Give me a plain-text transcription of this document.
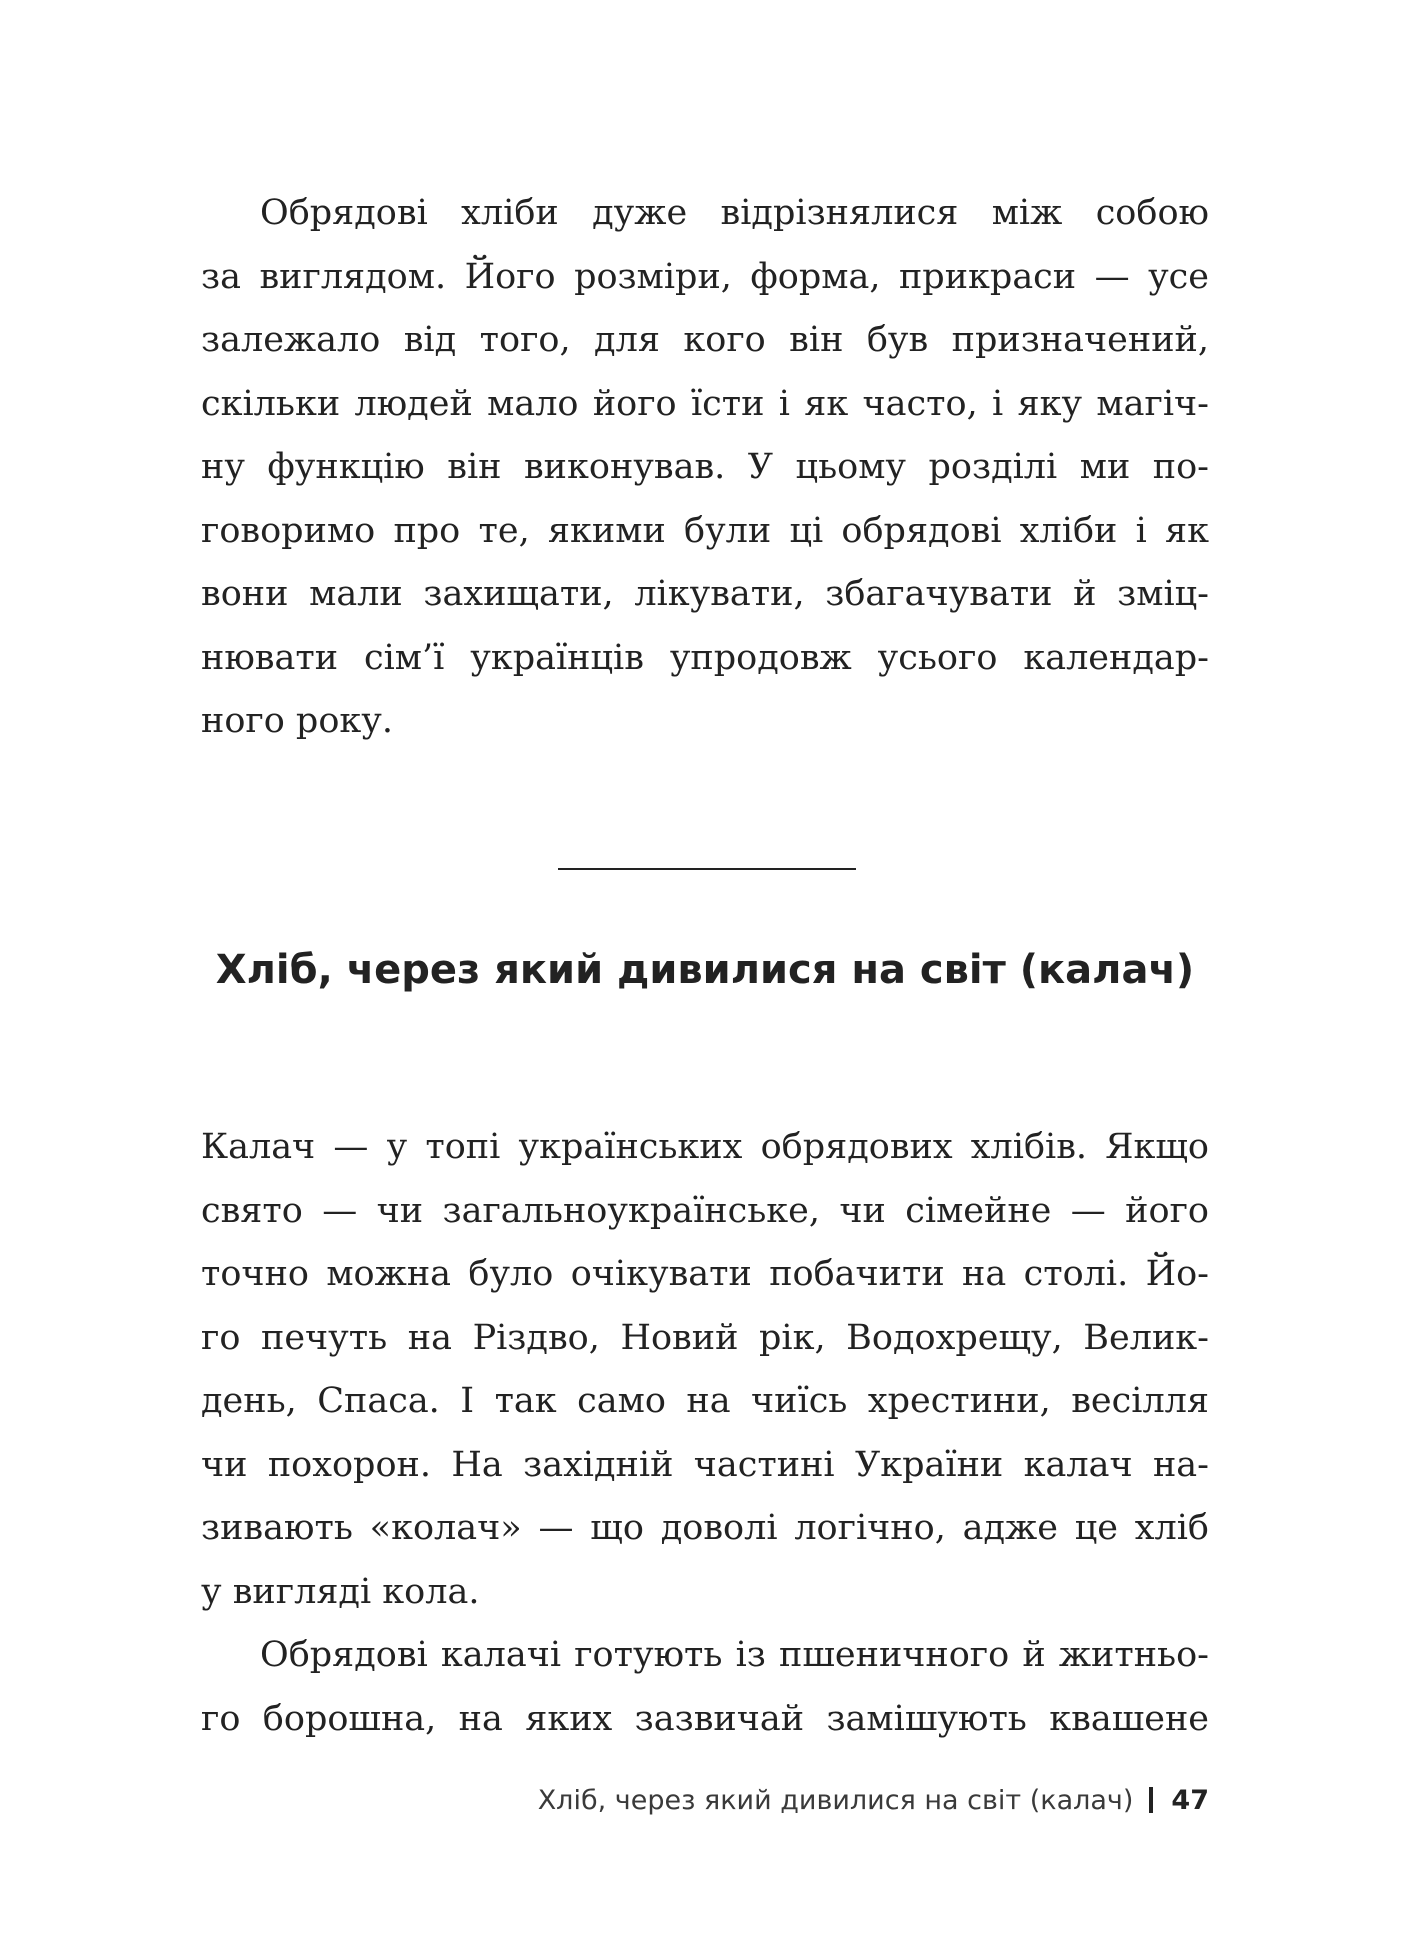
Обрядові хліби дуже відрізнялися між собою
за виглядом. Його розміри, форма, прикраси — усе
залежало від того, для кого він був призначений,
скільки людей мало його їсти і як часто, і яку магіч-
ну функцію він виконував. У цьому розділі ми по-
говоримо про те, якими були ці обрядові хліби і як
вони мали захищати, лікувати, збагачувати й зміц-
нювати сім’ї українців упродовж усього календар-
ного року.
Хліб, через який дивилися на світ (калач)
Калач — у топі українських обрядових хлібів. Якщо
свято — чи загальноукраїнське, чи сімейне — його
точно можна було очікувати побачити на столі. Йо-
го печуть на Різдво, Новий рік, Водохрещу, Велик-
день, Спаса. І так само на чиїсь хрестини, весілля
чи похорон. На західній частині України калач на-
зивають «колач» — що доволі логічно, адже це хліб
у вигляді кола.
Обрядові калачі готують із пшеничного й житньо-
го борошна, на яких зазвичай замішують квашене
Хліб, через який дивилися на світ (калач) 47
